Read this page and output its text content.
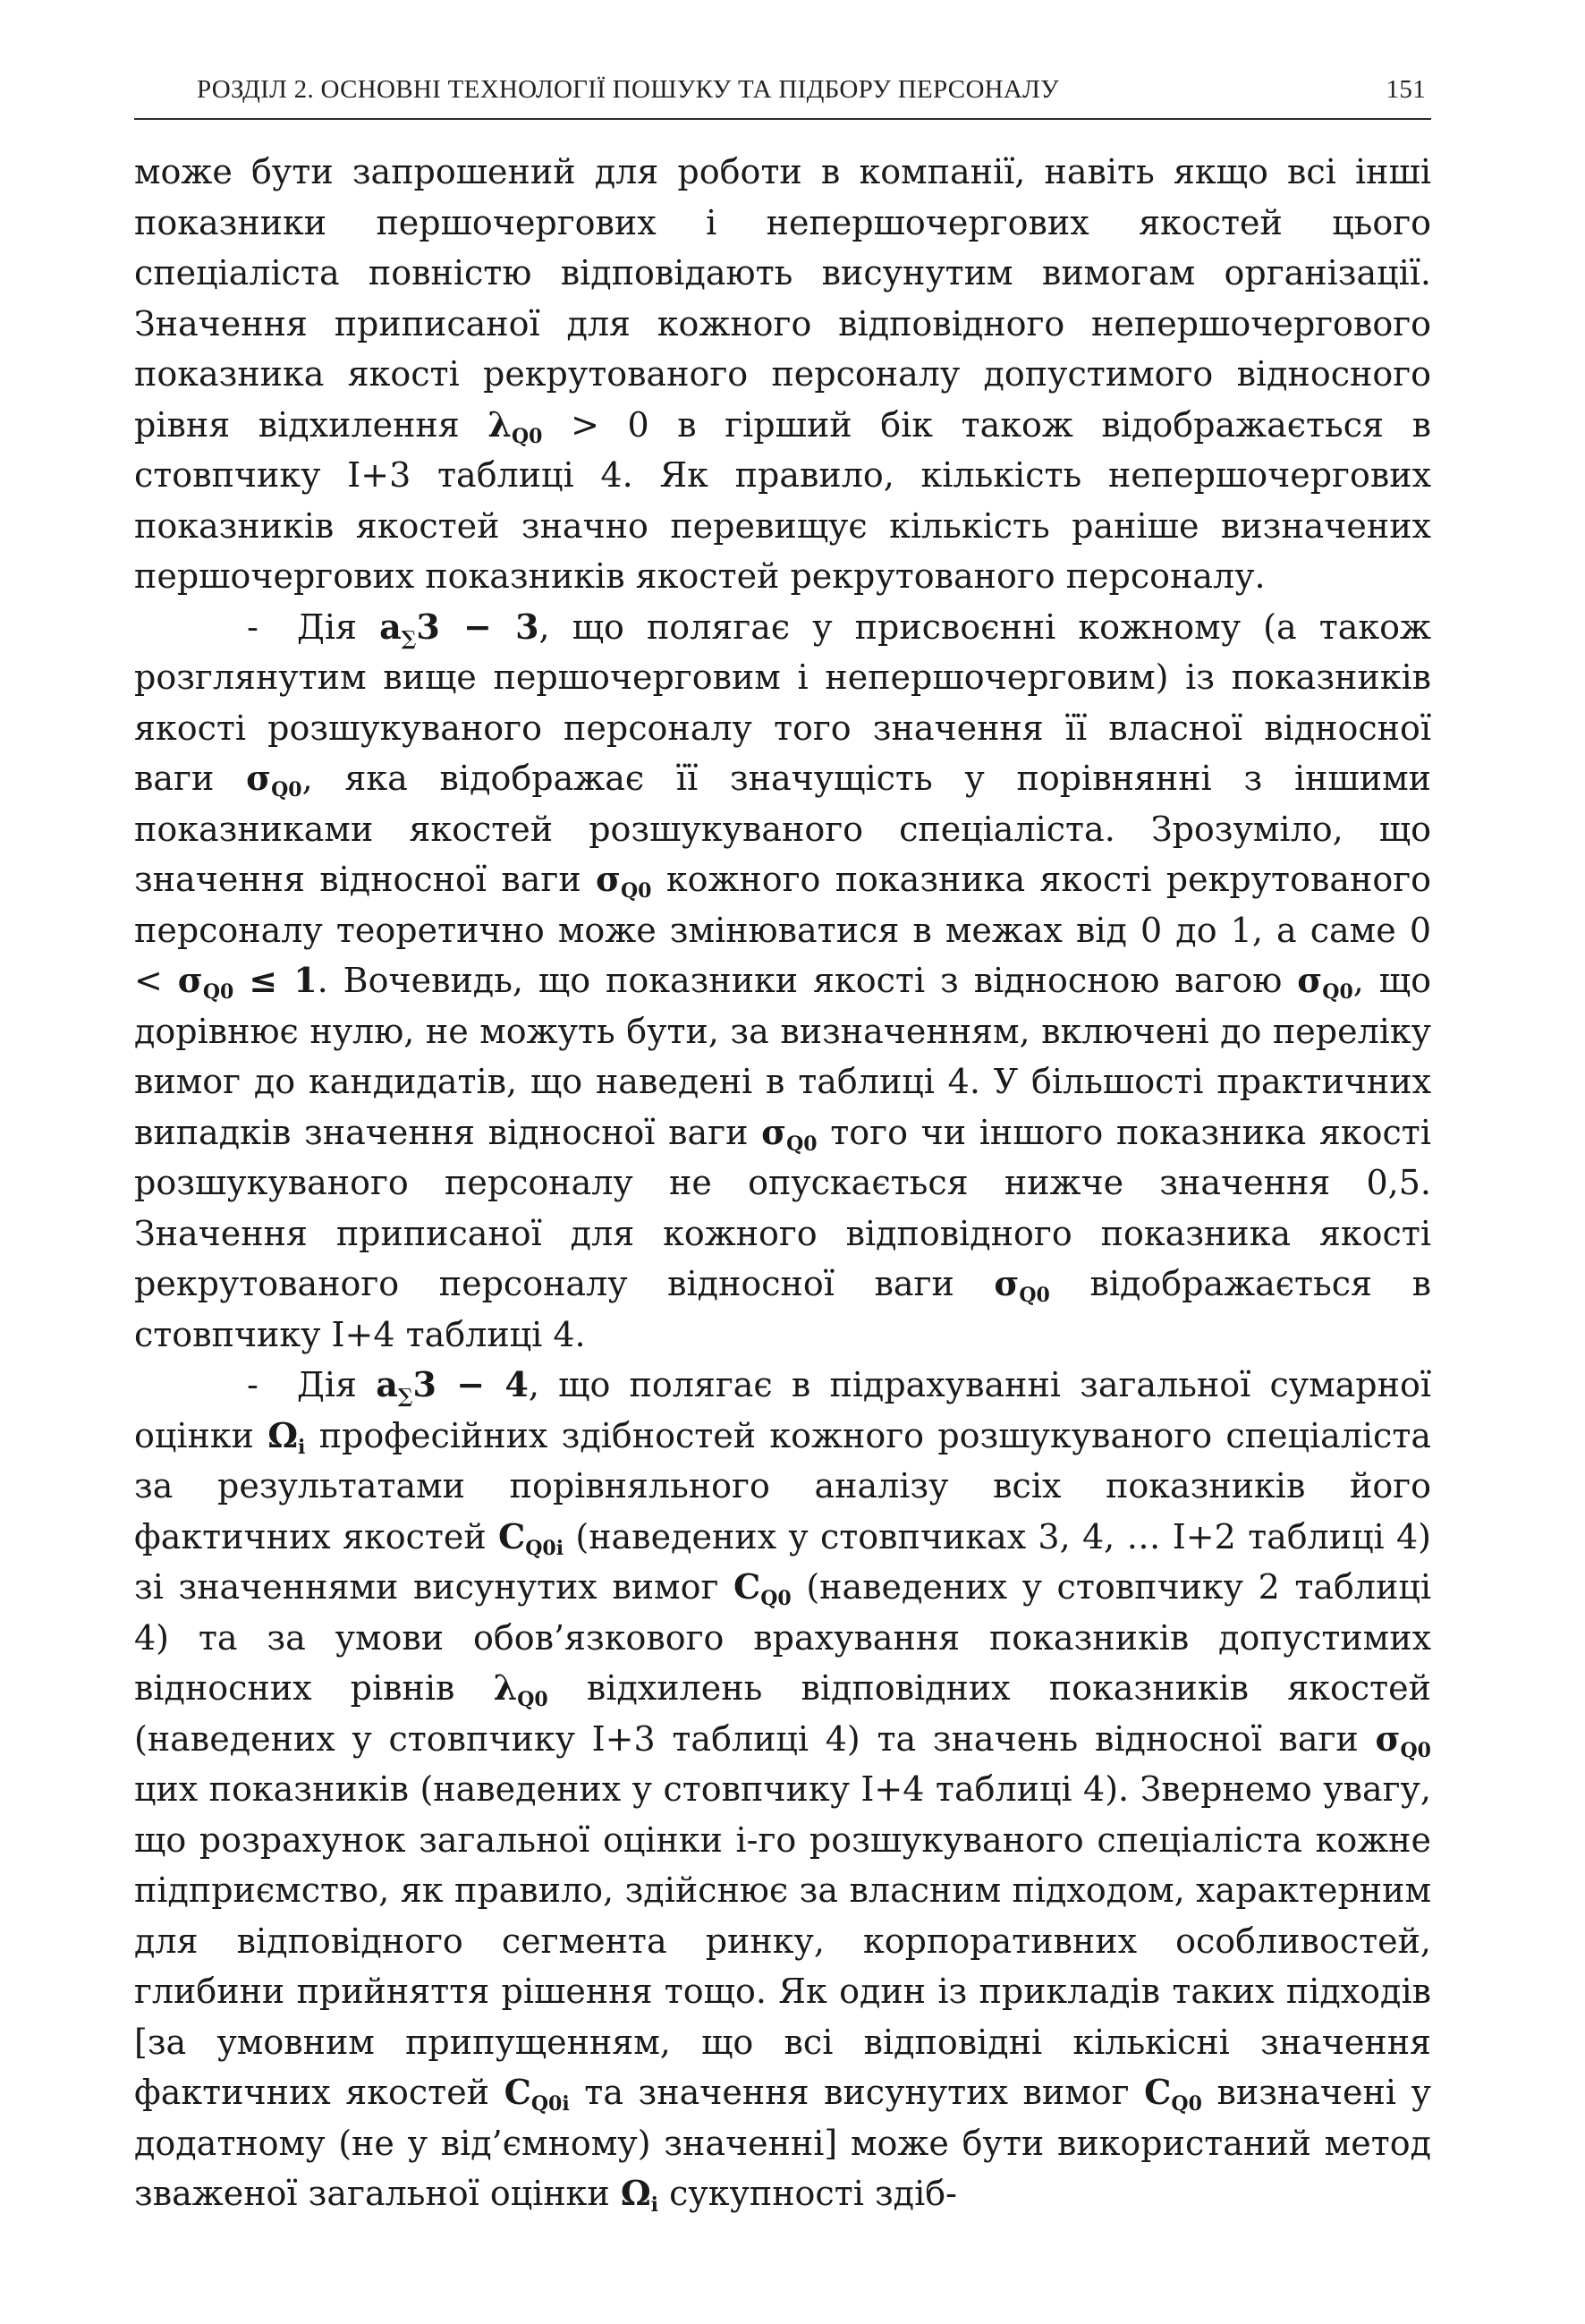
РОЗДІЛ 2. ОСНОВНІ ТЕХНОЛОГІЇ ПОШУКУ ТА ПІДБОРУ ПЕРСОНАЛУ	151

може бути запрошений для роботи в компанії, навіть якщо всі інші показники першочергових і непершочергових якостей цього спеціаліста повністю відповідають висунутим вимогам організації. Значення приписаної для кожного відповідного непершочергового показника якості рекрутованого персоналу допустимого відносного рівня відхилення $\lambda_{Q0} > 0$ в гірший бік також відображається в стовпчику I+3 таблиці 4. Як правило, кількість непершочергових показників якостей значно перевищує кількість раніше визначених першочергових показників якостей рекрутованого персоналу.

- Дія $a_\sum 3 - 3$, що полягає у присвоєнні кожному (а також розглянутим вище першочерговим і непершочерговим) із показників якості розшукуваного персоналу того значення її власної відносної ваги $\sigma_{Q0}$, яка відображає її значущість у порівнянні з іншими показниками якостей розшукуваного спеціаліста. Зрозуміло, що значення відносної ваги $\sigma_{Q0}$ кожного показника якості рекрутованого персоналу теоретично може змінюватися в межах від 0 до 1, а саме $0 < \sigma_{Q0} \le 1$. Вочевидь, що показники якості з відносною вагою $\sigma_{Q0}$, що дорівнює нулю, не можуть бути, за визначенням, включені до переліку вимог до кандидатів, що наведені в таблиці 4. У більшості практичних випадків значення відносної ваги $\sigma_{Q0}$ того чи іншого показника якості розшукуваного персоналу не опускається нижче значення 0,5. Значення приписаної для кожного відповідного показника якості рекрутованого персоналу відносної ваги $\sigma_{Q0}$ відображається в стовпчику I+4 таблиці 4.

- Дія $a_\sum 3 - 4$, що полягає в підрахуванні загальної сумарної оцінки $\Omega_i$ професійних здібностей кожного розшукуваного спеціаліста за результатами порівняльного аналізу всіх показників його фактичних якостей $C_{Q0i}$ (наведених у стовпчиках 3, 4, … I+2 таблиці 4) зі значеннями висунутих вимог $C_{Q0}$ (наведених у стовпчику 2 таблиці 4) та за умови обов’язкового врахування показників допустимих відносних рівнів $\lambda_{Q0}$ відхилень відповідних показників якостей (наведених у стовпчику I+3 таблиці 4) та значень відносної ваги $\sigma_{Q0}$ цих показників (наведених у стовпчику I+4 таблиці 4). Звернемо увагу, що розрахунок загальної оцінки і-го розшукуваного спеціаліста кожне підприємство, як правило, здійснює за власним підходом, характерним для відповідного сегмента ринку, корпоративних особливостей, глибини прийняття рішення тощо. Як один із прикладів таких підходів [за умовним припущенням, що всі відповідні кількісні значення фактичних якостей $C_{Q0i}$ та значення висунутих вимог $C_{Q0}$ визначені у додатному (не у від’ємному) значенні] може бути використаний метод зваженої загальної оцінки $\Omega_i$ сукупності здіб-
